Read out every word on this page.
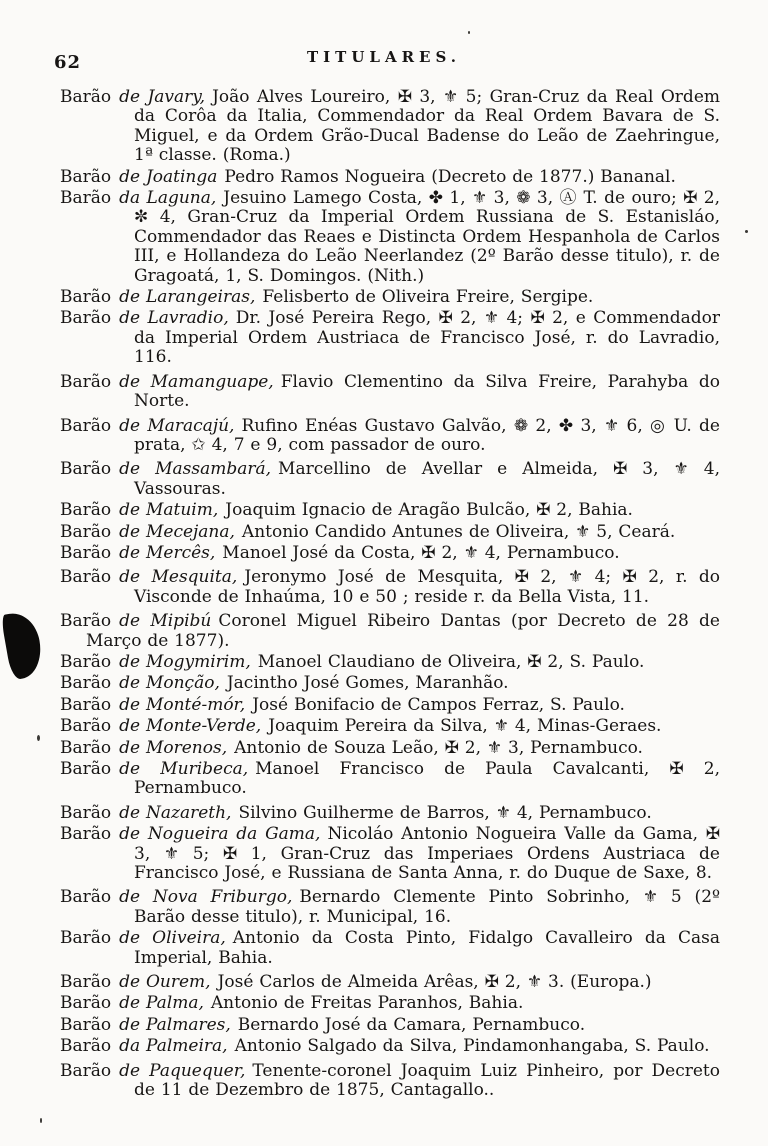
62	TITULARES.

Barão de Javary, João Alves Loureiro, ✠ 3, ⚜ 5; Gran-Cruz da Real Ordem da Corôa da Italia, Commendador da Real Ordem Bavara de S. Miguel, e da Ordem Grão-Ducal Badense do Leão de Zaehringue, 1ª classe. (Roma.)

Barão de Joatinga Pedro Ramos Nogueira (Decreto de 1877.) Bananal.

Barão da Laguna, Jesuino Lamego Costa, ✤ 1, ⚜ 3, ❁ 3, Ⓐ T. de ouro; ✠ 2, ✼ 4, Gran-Cruz da Imperial Ordem Russiana de S. Estanisláo, Commendador das Reaes e Distincta Ordem Hespanhola de Carlos III, e Hollandeza do Leão Neerlandez (2º Barão desse titulo), r. de Gragoatá, 1, S. Domingos. (Nith.)

Barão de Larangeiras, Felisberto de Oliveira Freire, Sergipe.

Barão de Lavradio, Dr. José Pereira Rego, ✠ 2, ⚜ 4; ✠ 2, e Commendador da Imperial Ordem Austriaca de Francisco José, r. do Lavradio, 116.

Barão de Mamanguape, Flavio Clementino da Silva Freire, Parahyba do Norte.

Barão de Maracajú, Rufino Enéas Gustavo Galvão, ❁ 2, ✤ 3, ⚜ 6, ◎ U. de prata, ✩ 4, 7 e 9, com passador de ouro.

Barão de Massambará, Marcellino de Avellar e Almeida, ✠ 3, ⚜ 4, Vassouras.

Barão de Matuim, Joaquim Ignacio de Aragão Bulcão, ✠ 2, Bahia.

Barão de Mecejana, Antonio Candido Antunes de Oliveira, ⚜ 5, Ceará.

Barão de Mercês, Manoel José da Costa, ✠ 2, ⚜ 4, Pernambuco.

Barão de Mesquita, Jeronymo José de Mesquita, ✠ 2, ⚜ 4; ✠ 2, r. do Visconde de Inhaúma, 10 e 50 ; reside r. da Bella Vista, 11.

Barão de Mipibú Coronel Miguel Ribeiro Dantas (por Decreto de 28 de Março de 1877).

Barão de Mogymirim, Manoel Claudiano de Oliveira, ✠ 2, S. Paulo.

Barão de Monção, Jacintho José Gomes, Maranhão.

Barão de Monté-mór, José Bonifacio de Campos Ferraz, S. Paulo.

Barão de Monte-Verde, Joaquim Pereira da Silva, ⚜ 4, Minas-Geraes.

Barão de Morenos, Antonio de Souza Leão, ✠ 2, ⚜ 3, Pernambuco.

Barão de Muribeca, Manoel Francisco de Paula Cavalcanti, ✠ 2, Pernambuco.

Barão de Nazareth, Silvino Guilherme de Barros, ⚜ 4, Pernambuco.

Barão de Nogueira da Gama, Nicoláo Antonio Nogueira Valle da Gama, ✠ 3, ⚜ 5; ✠ 1, Gran-Cruz das Imperiaes Ordens Austriaca de Francisco José, e Russiana de Santa Anna, r. do Duque de Saxe, 8.

Barão de Nova Friburgo, Bernardo Clemente Pinto Sobrinho, ⚜ 5 (2º Barão desse titulo), r. Municipal, 16.

Barão de Oliveira, Antonio da Costa Pinto, Fidalgo Cavalleiro da Casa Imperial, Bahia.

Barão de Ourem, José Carlos de Almeida Arêas, ✠ 2, ⚜ 3. (Europa.)

Barão de Palma, Antonio de Freitas Paranhos, Bahia.

Barão de Palmares, Bernardo José da Camara, Pernambuco.

Barão da Palmeira, Antonio Salgado da Silva, Pindamonhangaba, S. Paulo.

Barão de Paquequer, Tenente-coronel Joaquim Luiz Pinheiro, por Decreto de 11 de Dezembro de 1875, Cantagallo..
